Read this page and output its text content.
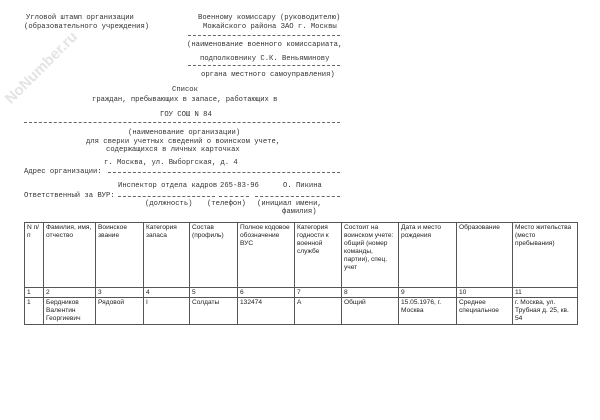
NoNumber.ru
Угловой штамп организации
(образовательного учреждения)
Военному комиссару (руководителю)
Можайского района ЗАО г. Москвы
(наименование военного комиссариата,
подполковнику С.К. Веньяминову
органа местного самоуправления)
Список
граждан, пребывающих в запасе, работающих в
ГОУ СОШ N 84
(наименование организации)
для сверки учетных сведений о воинском учете,
содержащихся в личных карточках
г. Москва, ул. Выборгская, д. 4
Адрес организации:
Инспектор отдела кадров 265-83-96	О. Пикина
Ответственный за ВУР:
(должность) (телефон) (инициал имени,
фамилия)
N п/п	Фамилия, имя, отчество	Воинское звание	Категория запаса	Состав (профиль)	Полное кодовое обозначение ВУС	Категория годности к военной службе	Состоит на воинском учете: общий (номер команды, партии), спец. учет	Дата и место рождения	Образование	Место жительства (место пребывания)
1	2	3	4	5	6	7	8	9	10	11
1	Бердников Валентин Георгиевич	Рядовой	I	Солдаты	132474	А	Общий	15.05.1976, г. Москва	Среднее специальное	г. Москва, ул. Трубная д. 25, кв. 54
